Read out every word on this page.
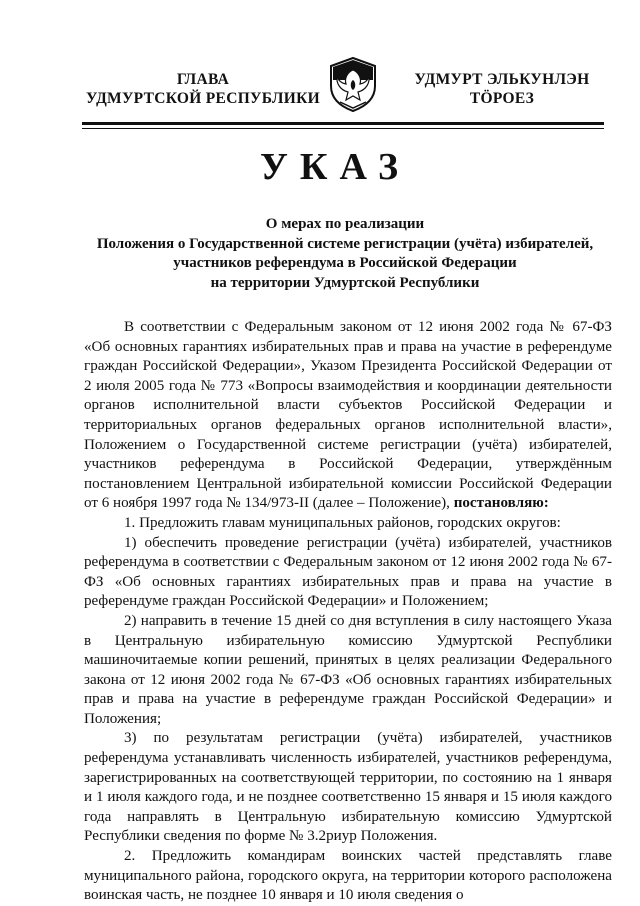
ГЛАВА
УДМУРТСКОЙ РЕСПУБЛИКИ
УДМУРТ ЭЛЬКУНЛЭН
ТӦРОЕЗ
УКАЗ
О мерах по реализации
Положения о Государственной системе регистрации (учёта) избирателей,
участников референдума в Российской Федерации
на территории Удмуртской Республики

В соответствии с Федеральным законом от 12 июня 2002 года № 67-ФЗ «Об основных гарантиях избирательных прав и права на участие в референдуме граждан Российской Федерации», Указом Президента Российской Федерации от 2 июля 2005 года № 773 «Вопросы взаимодействия и координации деятельности органов исполнительной власти субъектов Российской Федерации и территориальных органов федеральных органов исполнительной власти», Положением о Государственной системе регистрации (учёта) избирателей, участников референдума в Российской Федерации, утверждённым постановлением Центральной избирательной комиссии Российской Федерации от 6 ноября 1997 года № 134/973-II (далее – Положение), постановляю:

1. Предложить главам муниципальных районов, городских округов:

1) обеспечить проведение регистрации (учёта) избирателей, участников референдума в соответствии с Федеральным законом от 12 июня 2002 года № 67-ФЗ «Об основных гарантиях избирательных прав и права на участие в референдуме граждан Российской Федерации» и Положением;

2) направить в течение 15 дней со дня вступления в силу настоящего Указа в Центральную избирательную комиссию Удмуртской Республики машиночитаемые копии решений, принятых в целях реализации Федерального закона от 12 июня 2002 года № 67-ФЗ «Об основных гарантиях избирательных прав и права на участие в референдуме граждан Российской Федерации» и Положения;

3) по результатам регистрации (учёта) избирателей, участников референдума устанавливать численность избирателей, участников референдума, зарегистрированных на соответствующей территории, по состоянию на 1 января и 1 июля каждого года, и не позднее соответственно 15 января и 15 июля каждого года направлять в Центральную избирательную комиссию Удмуртской Республики сведения по форме № 3.2риур Положения.

2. Предложить командирам воинских частей представлять главе муниципального района, городского округа, на территории которого расположена воинская часть, не позднее 10 января и 10 июля сведения о
